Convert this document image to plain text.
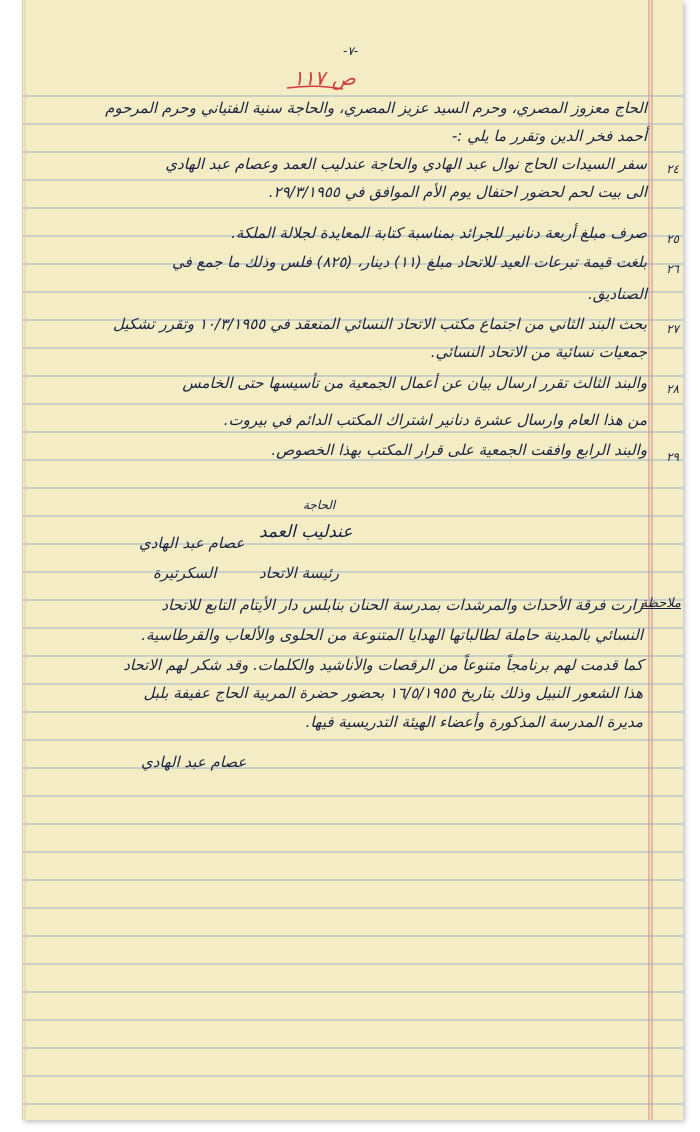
-٧-
ص ١١٧
الحاج معزوز المصري، وحرم السيد عزيز المصري، والحاجة سنية الفتياني وحرم المرحوم
أحمد فخر الدين وتقرر ما يلي :-
٢٤
سفر السيدات الحاج نوال عبد الهادي والحاجة عندليب العمد وعصام عبد الهادي
الى بيت لحم لحضور احتفال يوم الأم الموافق في ٢٩/٣/١٩٥٥.
٢٥
صرف مبلغ أربعة دنانير للجرائد بمناسبة كتابة المعايدة لجلالة الملكة.
٢٦
بلغت قيمة تبرعات العيد للاتحاد مبلغ (١١) دينار، (٨٢٥) فلس وذلك ما جمع في
الصناديق.
٢٧
بحث البند الثاني من اجتماع مكتب الاتحاد النسائي المنعقد في ١٠/٣/١٩٥٥ وتقرر تشكيل
جمعيات نسائية من الاتحاد النسائي.
٢٨
والبند الثالث تقرر ارسال بيان عن أعمال الجمعية من تأسيسها حتى الخامس
من هذا العام وارسال عشرة دنانير اشتراك المكتب الدائم في بيروت.
٢٩
والبند الرابع وافقت الجمعية على قرار المكتب بهذا الخصوص.
الحاجة
عندليب العمد
عصام عبد الهادي
السكرتيرة	رئيسة الاتحاد
ملاحظة
زارت فرقة الأحداث والمرشدات بمدرسة الحنان بنابلس دار الأيتام التابع للاتحاد
النسائي بالمدينة حاملة لطالباتها الهدايا المتنوعة من الحلوى والألعاب والقرطاسية.
كما قدمت لهم برنامجاً متنوعاً من الرقصات والأناشيد والكلمات. وقد شكر لهم الاتحاد
هذا الشعور النبيل وذلك بتاريخ ١٦/٥/١٩٥٥ بحضور حضرة المربية الحاج عفيفة بلبل
مديرة المدرسة المذكورة وأعضاء الهيئة التدريسية فيها.
عصام عبد الهادي
